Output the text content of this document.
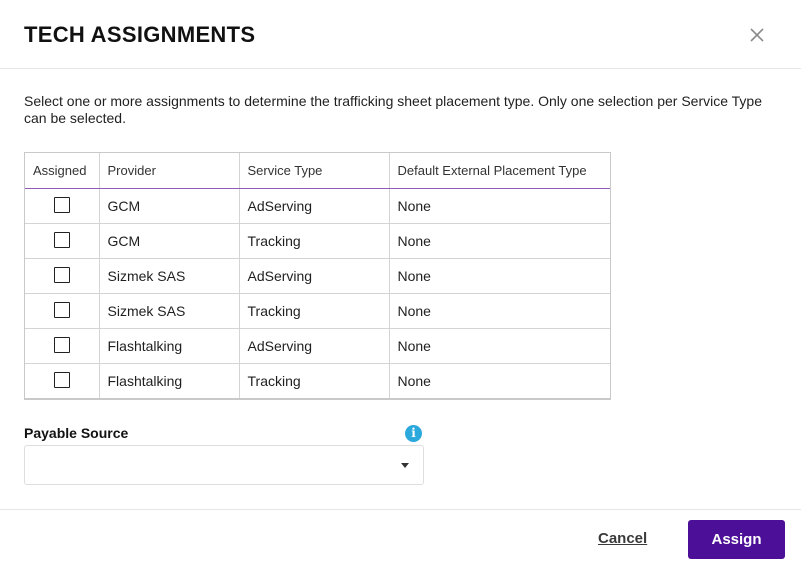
TECH ASSIGNMENTS

Select one or more assignments to determine the trafficking sheet placement type. Only one selection per Service Type can be selected.

Assigned	Provider	Service Type	Default External Placement Type
	GCM	AdServing	None
	GCM	Tracking	None
	Sizmek SAS	AdServing	None
	Sizmek SAS	Tracking	None
	Flashtalking	AdServing	None
	Flashtalking	Tracking	None
Payable Source	i
Cancel	Assign
